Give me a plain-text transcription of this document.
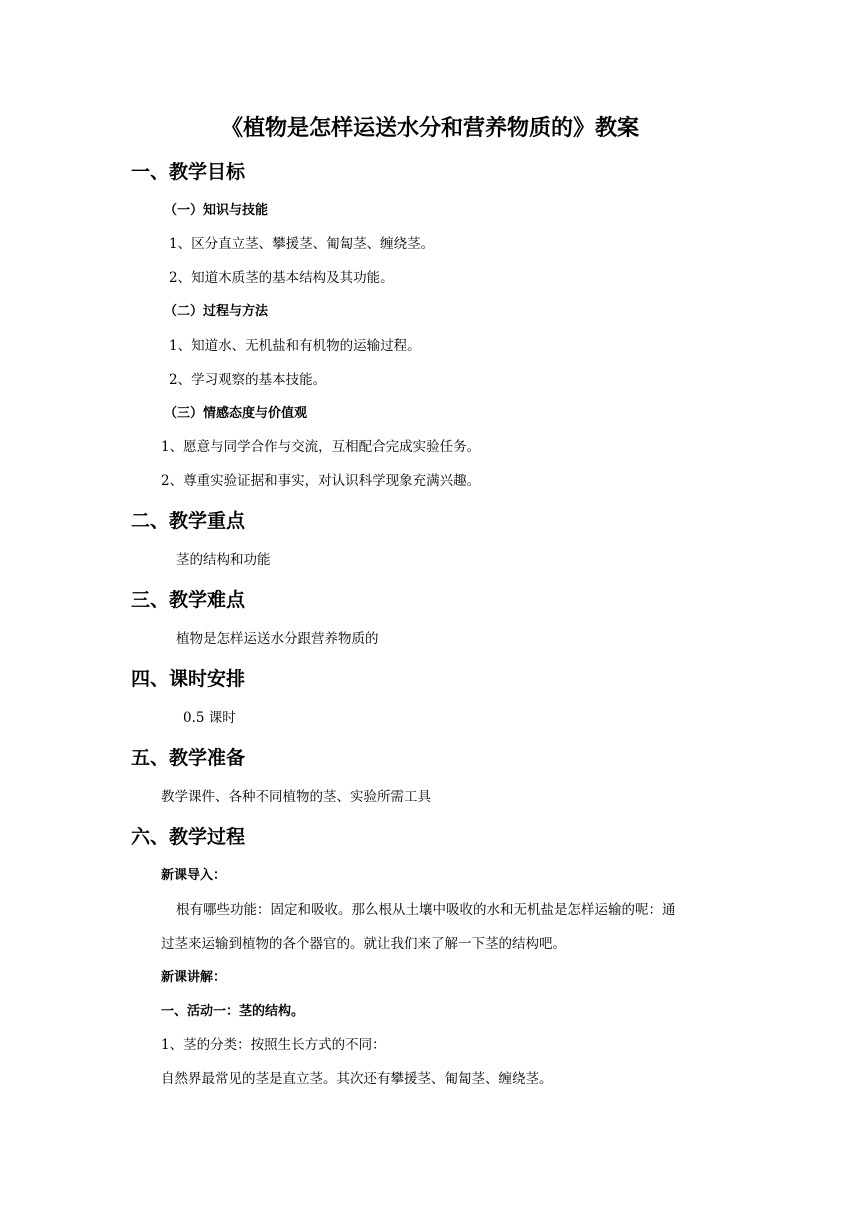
《植物是怎样运送水分和营养物质的》教案
一、教学目标
（一）知识与技能
1、区分直立茎、攀援茎、匍匐茎、缠绕茎。
2、知道木质茎的基本结构及其功能。
（二）过程与方法
1、知道水、无机盐和有机物的运输过程。
2、学习观察的基本技能。
（三）情感态度与价值观
1、愿意与同学合作与交流，互相配合完成实验任务。
2、尊重实验证据和事实，对认识科学现象充满兴趣。
二、教学重点
茎的结构和功能
三、教学难点
植物是怎样运送水分跟营养物质的
四、课时安排
0.5 课时
五、教学准备
教学课件、各种不同植物的茎、实验所需工具
六、教学过程
新课导入：
根有哪些功能：固定和吸收。那么根从土壤中吸收的水和无机盐是怎样运输的呢：通
过茎来运输到植物的各个器官的。就让我们来了解一下茎的结构吧。
新课讲解：
一、活动一：茎的结构。
1、茎的分类：按照生长方式的不同：
自然界最常见的茎是直立茎。其次还有攀援茎、匍匐茎、缠绕茎。
